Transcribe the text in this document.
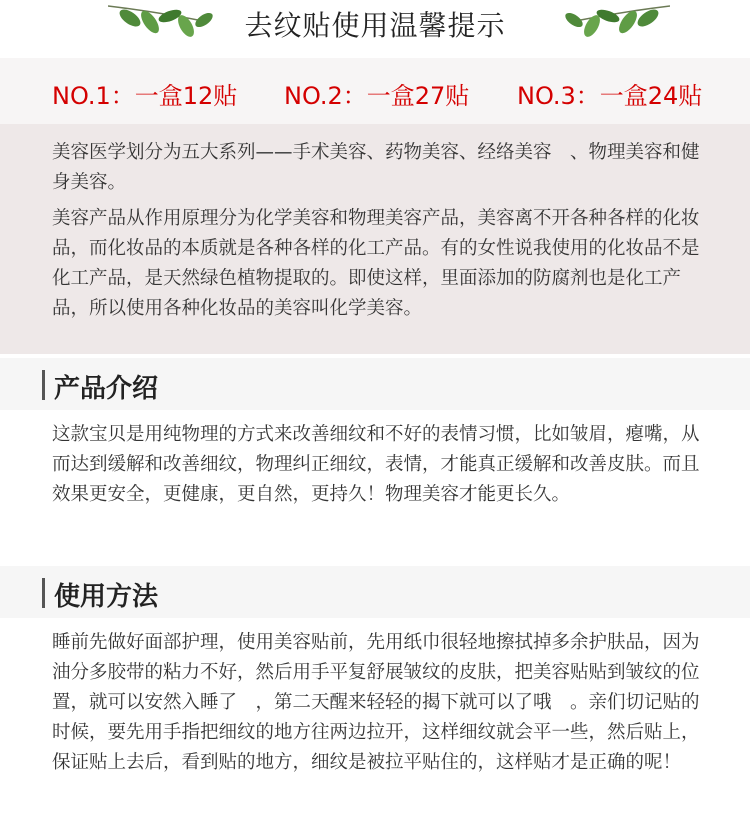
去纹贴使用温馨提示
NO.1：一盒12贴 NO.2：一盒27贴 NO.3：一盒24贴
美容医学划分为五大系列——手术美容、药物美容、经络美容　、物理美容和健身美容。
美容产品从作用原理分为化学美容和物理美容产品，美容离不开各种各样的化妆品，而化妆品的本质就是各种各样的化工产品。有的女性说我使用的化妆品不是化工产品，是天然绿色植物提取的。即使这样，里面添加的防腐剂也是化工产品，所以使用各种化妆品的美容叫化学美容。
产品介绍
这款宝贝是用纯物理的方式来改善细纹和不好的表情习惯，比如皱眉，瘪嘴，从而达到缓解和改善细纹，物理纠正细纹，表情，才能真正缓解和改善皮肤。而且效果更安全，更健康，更自然，更持久！物理美容才能更长久。
使用方法
睡前先做好面部护理，使用美容贴前，先用纸巾很轻地擦拭掉多余护肤品，因为油分多胶带的粘力不好，然后用手平复舒展皱纹的皮肤，把美容贴贴到皱纹的位置，就可以安然入睡了　，第二天醒来轻轻的揭下就可以了哦　。亲们切记贴的时候，要先用手指把细纹的地方往两边拉开，这样细纹就会平一些，然后贴上，保证贴上去后，看到贴的地方，细纹是被拉平贴住的，这样贴才是正确的呢！
